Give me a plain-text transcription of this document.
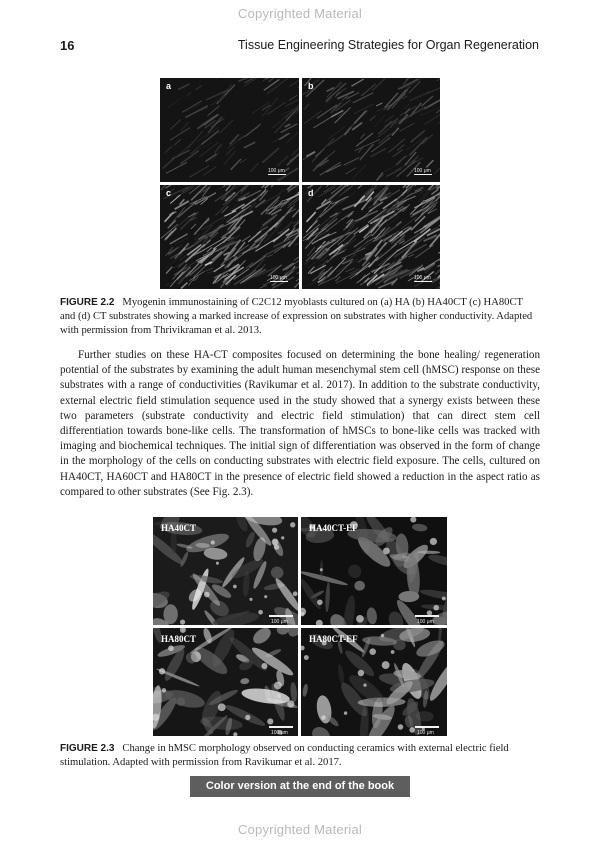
Copyrighted Material
16	Tissue Engineering Strategies for Organ Regeneration
a
100 μm
b
100 μm
c
100 μm
d
100 μm
FIGURE 2.2 Myogenin immunostaining of C2C12 myoblasts cultured on (a) HA (b) HA40CT (c) HA80CT and (d) CT substrates showing a marked increase of expression on substrates with higher conductivity. Adapted with permission from Thrivikraman et al. 2013.

Further studies on these HA-CT composites focused on determining the bone healing/ regeneration potential of the substrates by examining the adult human mesenchymal stem cell (hMSC) response on these substrates with a range of conductivities (Ravikumar et al. 2017). In addition to the substrate conductivity, external electric field stimulation sequence used in the study showed that a synergy exists between these two parameters (substrate conductivity and electric field stimulation) that can direct stem cell differentiation towards bone-like cells. The transformation of hMSCs to bone-like cells was tracked with imaging and biochemical techniques. The initial sign of differentiation was observed in the form of change in the morphology of the cells on conducting substrates with electric field exposure. The cells, cultured on HA40CT, HA60CT and HA80CT in the presence of electric field showed a reduction in the aspect ratio as compared to other substrates (See Fig. 2.3).

HA40CT
100 μm
HA40CT-EF
100 μm
HA80CT
100 μm
HA80CT-EF
100 μm
FIGURE 2.3 Change in hMSC morphology observed on conducting ceramics with external electric field stimulation. Adapted with permission from Ravikumar et al. 2017.
Color version at the end of the book
Copyrighted Material
